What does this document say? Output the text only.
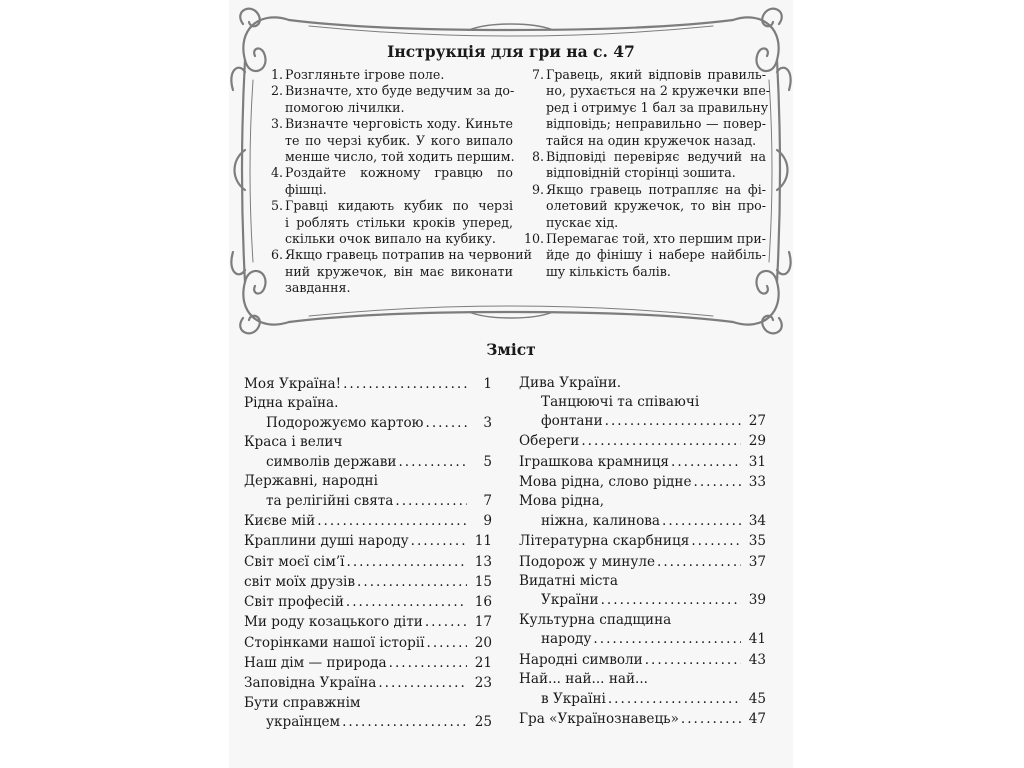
Інструкція для гри на с. 47
1. Розгляньте ігрове поле.
2. Визначте, хто буде ведучим за до-
помогою лічилки.
3. Визначте черговість ходу. Киньте
те по черзі кубик. У кого випало
менше число, той ходить першим.
4. Роздайте кожному гравцю по
фішці.
5. Гравці кидають кубик по черзі
і роблять стільки кроків уперед,
скільки очок випало на кубику.
6. Якщо гравець потрапив на червоний
ний кружечок, він має виконати
завдання.
7. Гравець, який відповів правиль-
но, рухається на 2 кружечки впе-
ред і отримує 1 бал за правильну
відповідь; неправильно — повер-
тайся на один кружечок назад.
8. Відповіді перевіряє ведучий на
відповідній сторінці зошита.
9. Якщо гравець потрапляє на фі-
олетовий кружечок, то він про-
пускає хід.
10. Перемагає той, хто першим при-
йде до фінішу і набере найбіль-
шу кількість балів.
Зміст
Моя Україна! .....	1
Рідна країна.
Подорожуємо картою .....	3
Краса і велич
символів держави .....	5
Державні, народні
та релігійні свята .....	7
Києве мій .....	9
Краплини душі народу .....	11
Світ моєї сім’ї .....	13
світ моїх друзів .....	15
Світ професій .....	16
Ми роду козацького діти .....	17
Сторінками нашої історії .....	20
Наш дім — природа .....	21
Заповідна Україна .....	23
Бути справжнім
українцем .....	25
Дива України.
Танцюючі та співаючі
фонтани .....	27
Обереги .....	29
Іграшкова крамниця .....	31
Мова рідна, слово рідне .....	33
Мова рідна,
ніжна, калинова .....	34
Літературна скарбниця .....	35
Подорож у минуле .....	37
Видатні міста
України .....	39
Культурна спадщина
народу .....	41
Народні символи .....	43
Най... най... най...
в Україні .....	45
Гра «Українознавець» .....	47
